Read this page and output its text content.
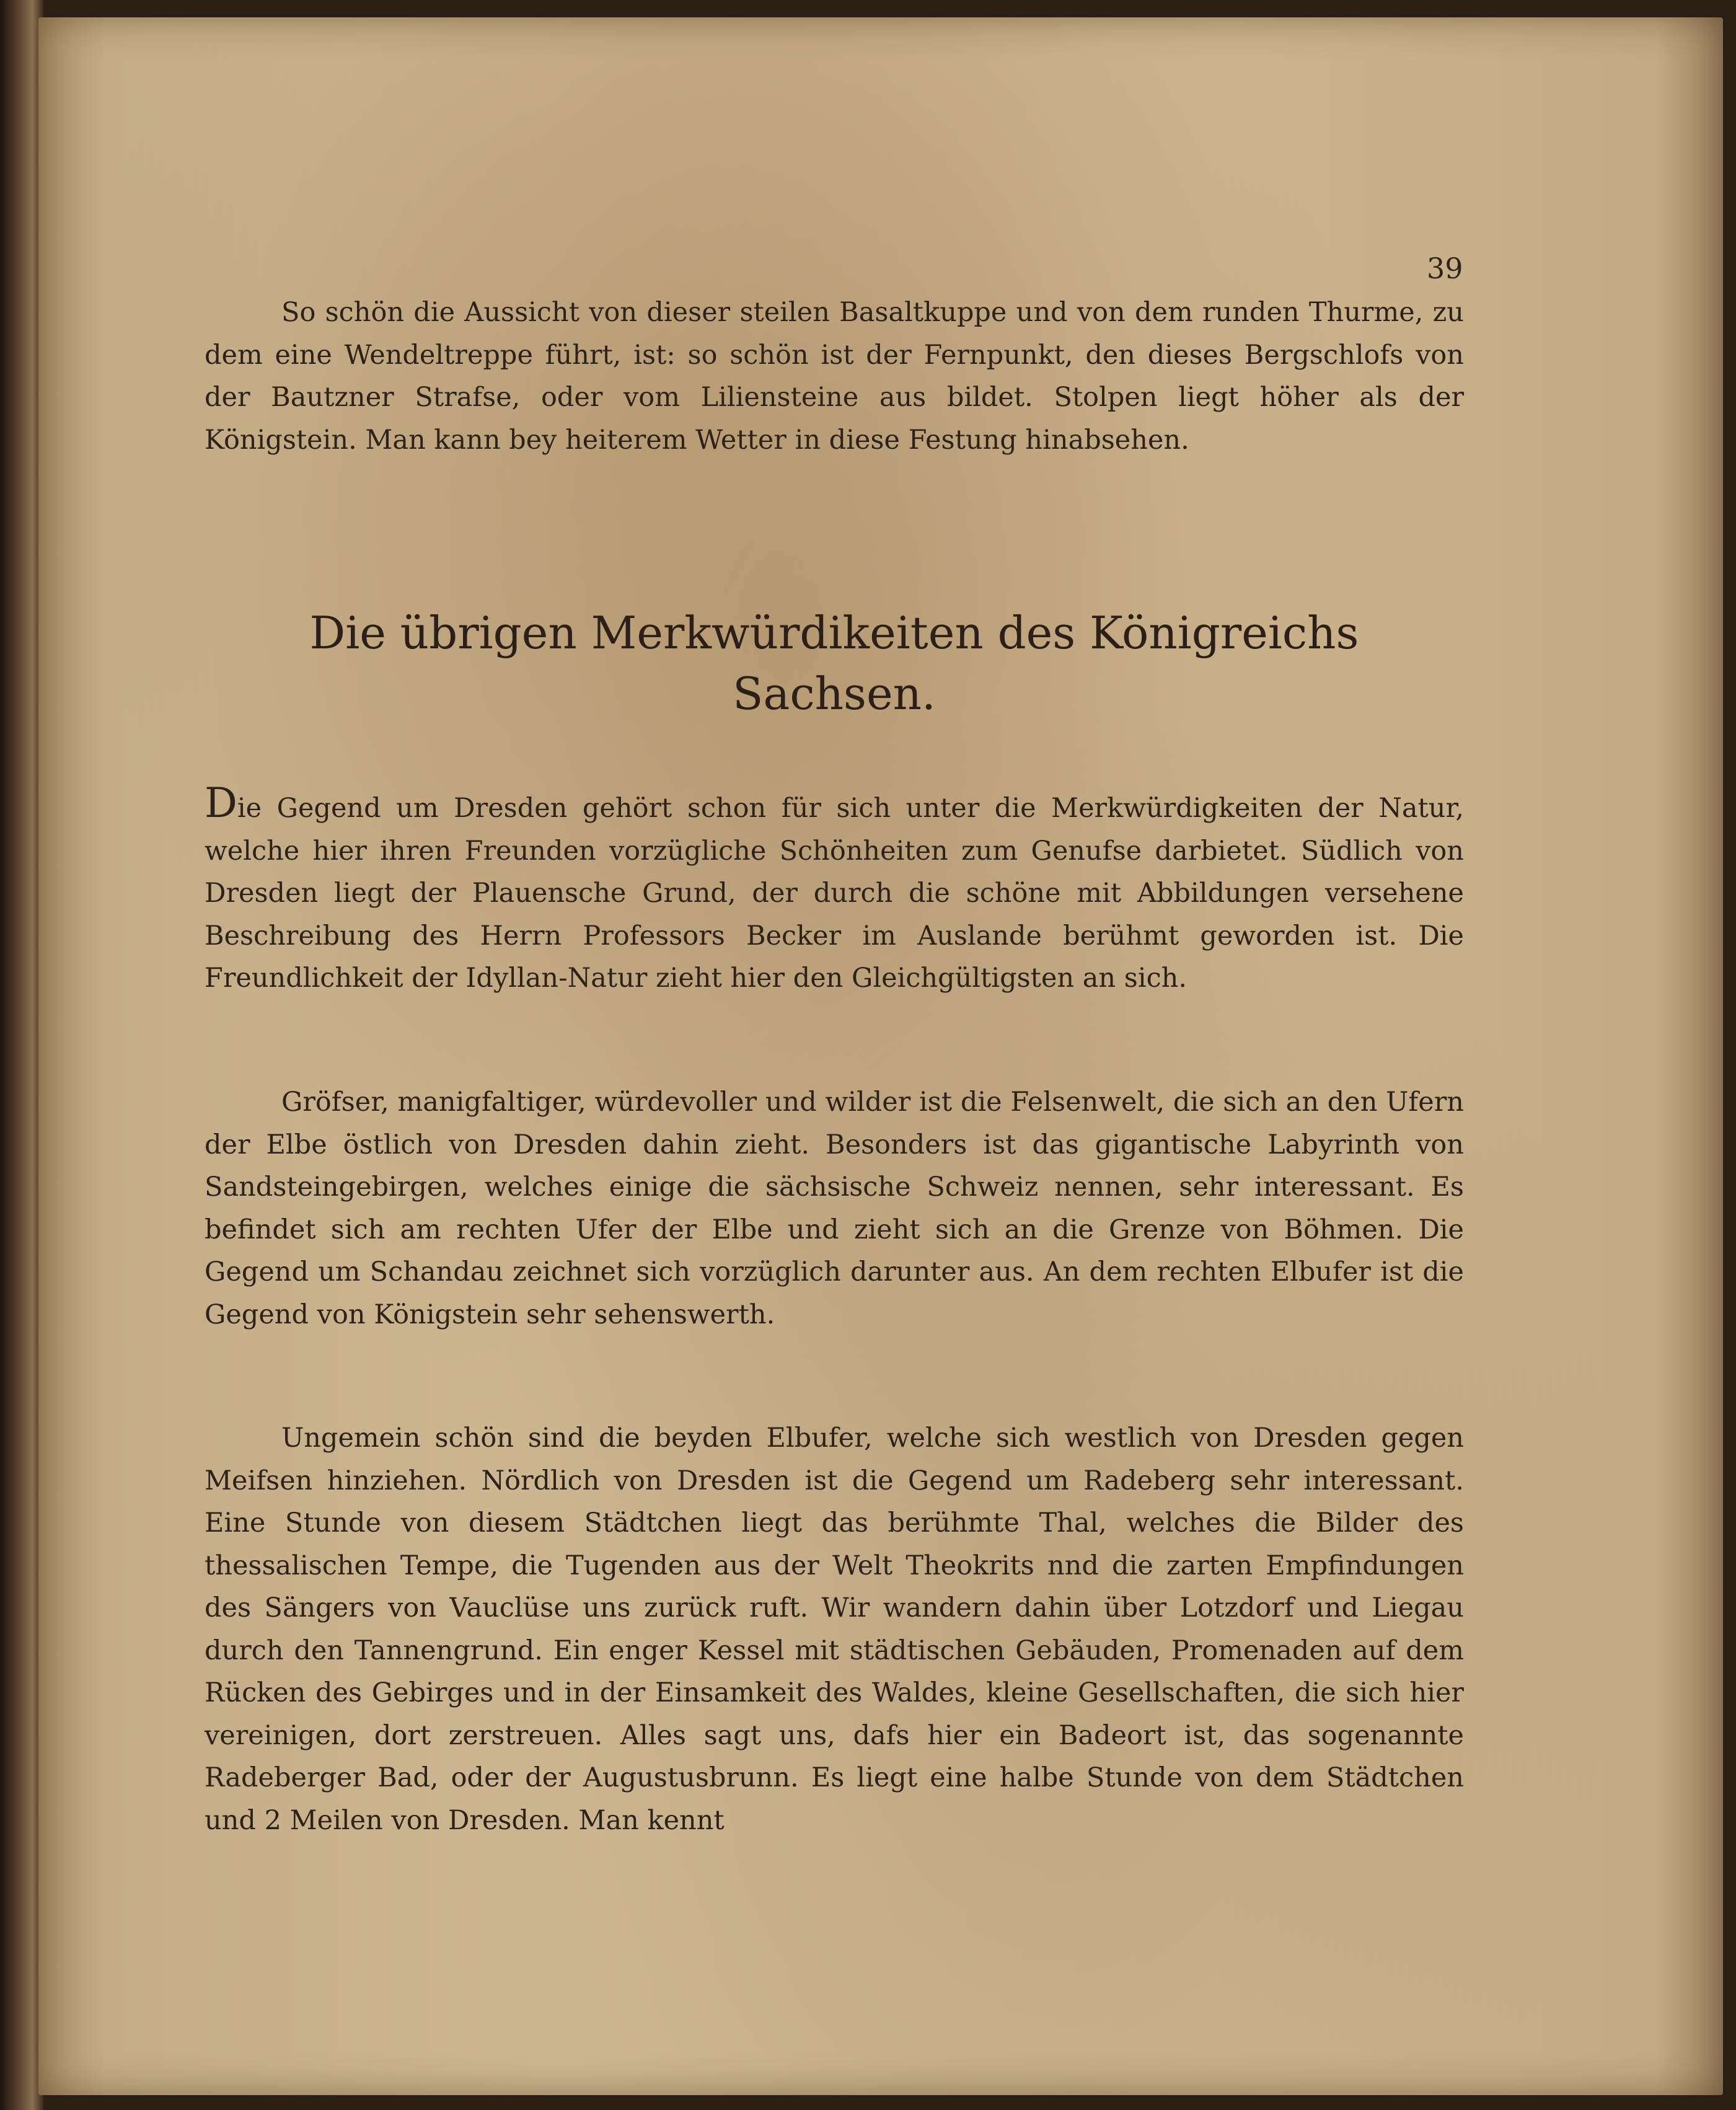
39

So schön die Aussicht von dieser steilen Basaltkuppe und von dem runden Thurme, zu dem eine Wendeltreppe führt, ist: so schön ist der Fernpunkt, den dieses Bergschlofs von der Bautzner Strafse, oder vom Liliensteine aus bildet. Stolpen liegt höher als der Königstein. Man kann bey heiterem Wetter in diese Festung hinabsehen.

Die übrigen Merkwürdikeiten des Königreichs
Sachsen.

Die Gegend um Dresden gehört schon für sich unter die Merkwürdigkeiten der Natur, welche hier ihren Freunden vorzügliche Schönheiten zum Genufse darbietet. Südlich von Dresden liegt der Plauensche Grund, der durch die schöne mit Abbildungen versehene Beschreibung des Herrn Professors Becker im Auslande berühmt geworden ist. Die Freundlichkeit der Idyllan-Natur zieht hier den Gleichgültigsten an sich.

Gröfser, manigfaltiger, würdevoller und wilder ist die Felsenwelt, die sich an den Ufern der Elbe östlich von Dresden dahin zieht. Besonders ist das gigantische Labyrinth von Sandsteingebirgen, welches einige die sächsische Schweiz nennen, sehr interessant. Es befindet sich am rechten Ufer der Elbe und zieht sich an die Grenze von Böhmen. Die Gegend um Schandau zeichnet sich vorzüglich darunter aus. An dem rechten Elbufer ist die Gegend von Königstein sehr sehenswerth.

Ungemein schön sind die beyden Elbufer, welche sich westlich von Dresden gegen Meifsen hinziehen. Nördlich von Dresden ist die Gegend um Radeberg sehr interessant. Eine Stunde von diesem Städtchen liegt das berühmte Thal, welches die Bilder des thessalischen Tempe, die Tugenden aus der Welt Theokrits nnd die zarten Empfindungen des Sängers von Vauclüse uns zurück ruft. Wir wandern dahin über Lotzdorf und Liegau durch den Tannengrund. Ein enger Kessel mit städtischen Gebäuden, Promenaden auf dem Rücken des Gebirges und in der Einsamkeit des Waldes, kleine Gesellschaften, die sich hier vereinigen, dort zerstreuen. Alles sagt uns, dafs hier ein Badeort ist, das sogenannte Radeberger Bad, oder der Augustusbrunn. Es liegt eine halbe Stunde von dem Städtchen und 2 Meilen von Dresden. Man kennt
